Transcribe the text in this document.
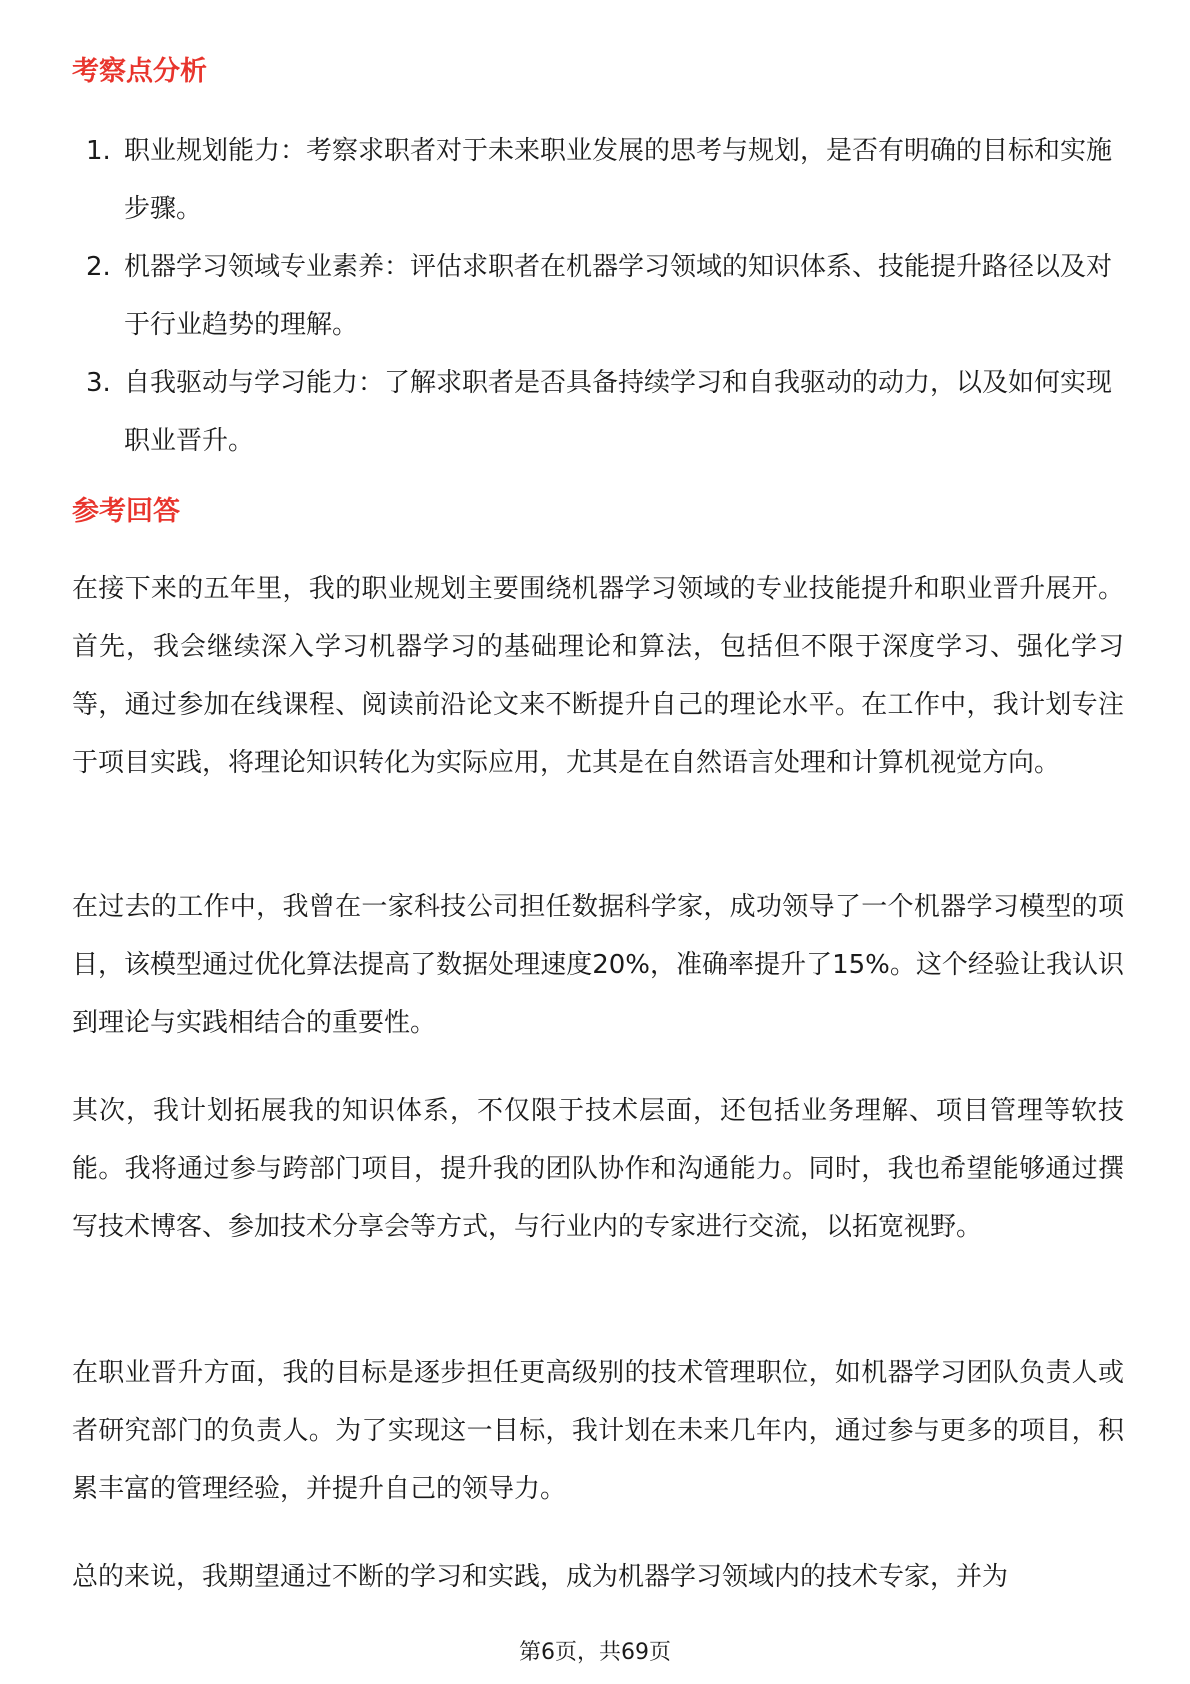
考察点分析
1. 职业规划能力：考察求职者对于未来职业发展的思考与规划，是否有明确的目标和实施步骤。
2. 机器学习领域专业素养：评估求职者在机器学习领域的知识体系、技能提升路径以及对于行业趋势的理解。
3. 自我驱动与学习能力：了解求职者是否具备持续学习和自我驱动的动力，以及如何实现职业晋升。
参考回答

在接下来的五年里，我的职业规划主要围绕机器学习领域的专业技能提升和职业晋升展开。首先，我会继续深入学习机器学习的基础理论和算法，包括但不限于深度学习、强化学习等，通过参加在线课程、阅读前沿论文来不断提升自己的理论水平。在工作中，我计划专注于项目实践，将理论知识转化为实际应用，尤其是在自然语言处理和计算机视觉方向。

在过去的工作中，我曾在一家科技公司担任数据科学家，成功领导了一个机器学习模型的项目，该模型通过优化算法提高了数据处理速度20%，准确率提升了15%。这个经验让我认识到理论与实践相结合的重要性。

其次，我计划拓展我的知识体系，不仅限于技术层面，还包括业务理解、项目管理等软技能。我将通过参与跨部门项目，提升我的团队协作和沟通能力。同时，我也希望能够通过撰写技术博客、参加技术分享会等方式，与行业内的专家进行交流，以拓宽视野。

在职业晋升方面，我的目标是逐步担任更高级别的技术管理职位，如机器学习团队负责人或者研究部门的负责人。为了实现这一目标，我计划在未来几年内，通过参与更多的项目，积累丰富的管理经验，并提升自己的领导力。

总的来说，我期望通过不断的学习和实践，成为机器学习领域内的技术专家，并为

第6页，共69页
